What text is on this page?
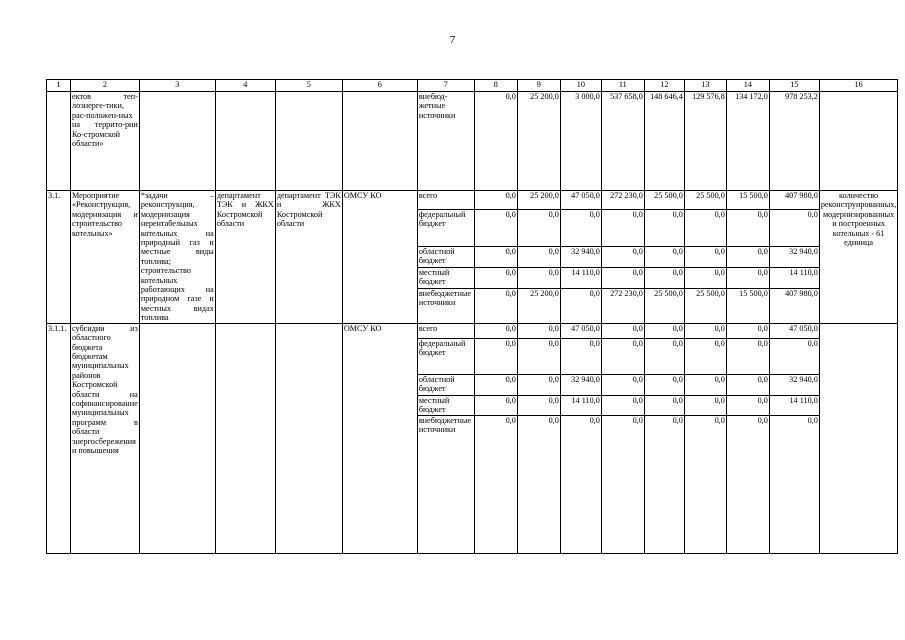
7
1	2	3	4	5	6	7	8	9	10	11	12	13	14	15	16
	ектов теп-лоэнерге-тики, рас-положен-ных на террито-рии Ко-стромской области»					внебюд-жетные источники	0,0	25 200,0	3 000,0	537 658,0	148 646,4	129 576,8	134 172,0	978 253,2	
3.1.	Мероприятие «Реконструкция, модернизация и строительство котельных»	*задачи – реконструкция, модернизация нерентабельных котельных на природный газ и местные виды топлива; строительство котельных работающих на природном газе и местных видах топлива	департамент ТЭК и ЖКХ Костромской области	департамент ТЭК и ЖКХ Костромской области	ОМСУ КО	всего	0,0	25 200,0	47 050,0	272 230,0	25 500,0	25 500,0	15 500,0	407 980,0	количество реконструированных, модернизированных и построенных котельных - 61 единица
						федеральный бюджет	0,0	0,0	0,0	0,0	0,0	0,0	0,0	0,0	
						областной бюджет	0,0	0,0	32 940,0	0,0	0,0	0,0	0,0	32 940,0	
						местный бюджет	0,0	0,0	14 110,0	0,0	0,0	0,0	0,0	14 110,0	
						внебюджетные источники	0,0	25 200,0	0,0	272 230,0	25 500,0	25 500,0	15 500,0	407 980,0	
3.1.1.	субсидии из областного бюджета бюджетам муниципальных районов Костромской области на софинансирование муниципальных программ в области энергосбережения и повышения				ОМСУ КО	всего	0,0	0,0	47 050,0	0,0	0,0	0,0	0,0	47 050,0	
						федеральный бюджет	0,0	0,0	0,0	0,0	0,0	0,0	0,0	0,0	
						областной бюджет	0,0	0,0	32 940,0	0,0	0,0	0,0	0,0	32 940,0	
						местный бюджет	0,0	0,0	14 110,0	0,0	0,0	0,0	0,0	14 110,0	
						внебюджетные источники	0,0	0,0	0,0	0,0	0,0	0,0	0,0	0,0	
